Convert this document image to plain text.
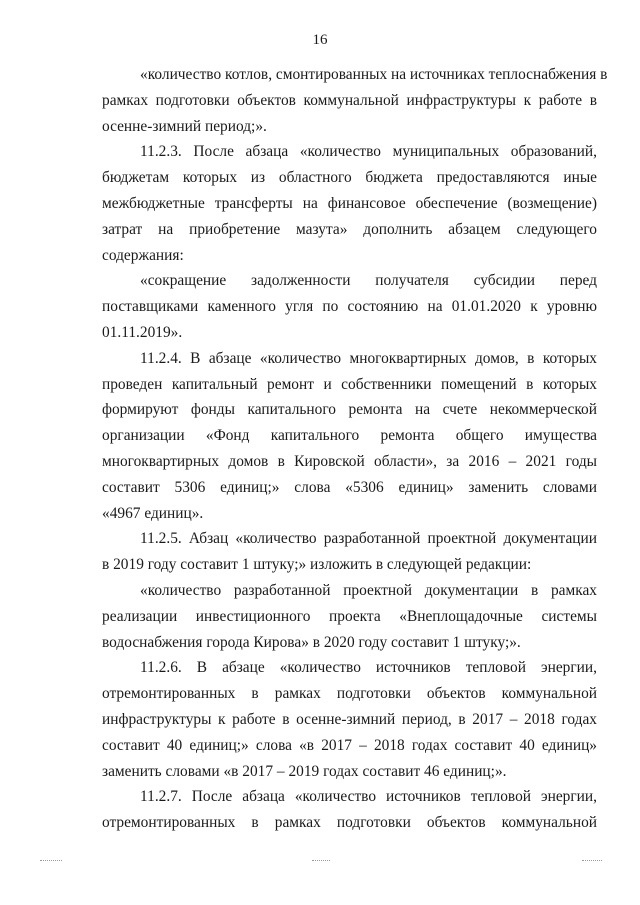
16
«количество котлов, смонтированных на источниках теплоснабжения в
рамках подготовки объектов коммунальной инфраструктуры к работе в
осенне-зимний период;».
11.2.3. После абзаца «количество муниципальных образований,
бюджетам которых из областного бюджета предоставляются иные
межбюджетные трансферты на финансовое обеспечение (возмещение)
затрат на приобретение мазута» дополнить абзацем следующего
содержания:
«сокращение задолженности получателя субсидии перед
поставщиками каменного угля по состоянию на 01.01.2020 к уровню
01.11.2019».
11.2.4. В абзаце «количество многоквартирных домов, в которых
проведен капитальный ремонт и собственники помещений в которых
формируют фонды капитального ремонта на счете некоммерческой
организации «Фонд капитального ремонта общего имущества
многоквартирных домов в Кировской области», за 2016 – 2021 годы
составит 5306 единиц;» слова «5306 единиц» заменить словами
«4967 единиц».
11.2.5. Абзац «количество разработанной проектной документации
в 2019 году составит 1 штуку;» изложить в следующей редакции:
«количество разработанной проектной документации в рамках
реализации инвестиционного проекта «Внеплощадочные системы
водоснабжения города Кирова» в 2020 году составит 1 штуку;».
11.2.6. В абзаце «количество источников тепловой энергии,
отремонтированных в рамках подготовки объектов коммунальной
инфраструктуры к работе в осенне-зимний период, в 2017 – 2018 годах
составит 40 единиц;» слова «в 2017 – 2018 годах составит 40 единиц»
заменить словами «в 2017 – 2019 годах составит 46 единиц;».
11.2.7. После абзаца «количество источников тепловой энергии,
отремонтированных в рамках подготовки объектов коммунальной
